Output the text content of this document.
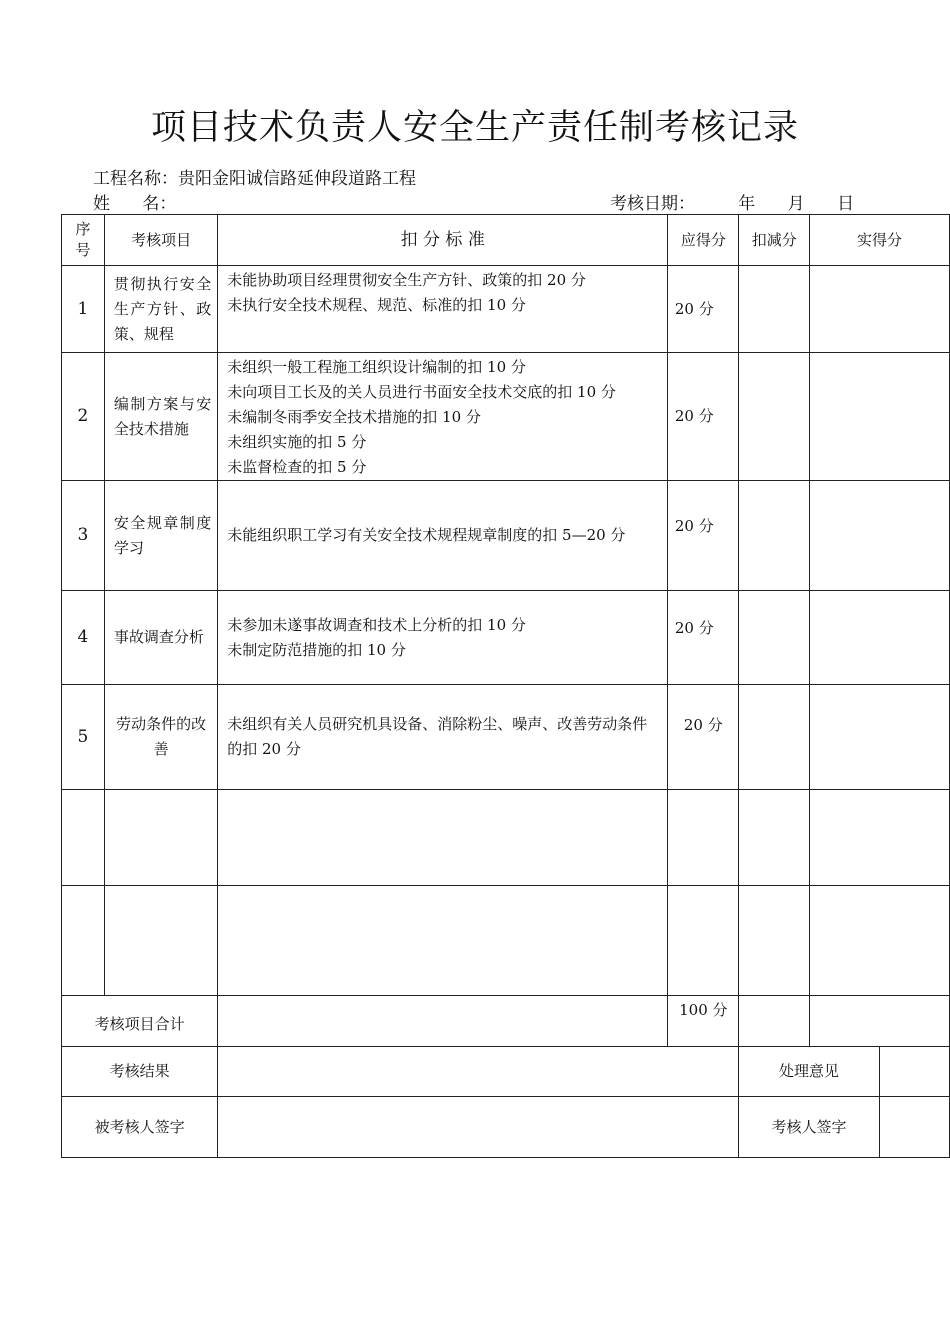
项目技术负责人安全生产责任制考核记录
工程名称：贵阳金阳诚信路延伸段道路工程
姓      名：	考核日期：        年      月      日
序号	考核项目	扣 分 标 准	应得分	扣减分	实得分	
1	贯彻执行安全生产方针、政策、规程	未能协助项目经理贯彻安全生产方针、政策的扣 20 分
未执行安全技术规程、规范、标准的扣 10 分	20 分			
2	编制方案与安全技术措施	未组织一般工程施工组织设计编制的扣 10 分
未向项目工长及的关人员进行书面安全技术交底的扣 10 分
未编制冬雨季安全技术措施的扣 10 分
未组织实施的扣 5 分
未监督检查的扣 5 分	20 分			
3	安全规章制度学习	未能组织职工学习有关安全技术规程规章制度的扣 5—20 分	20 分			
4	事故调查分析	未参加未遂事故调查和技术上分析的扣 10 分
未制定防范措施的扣 10 分	20 分			
5	劳动条件的改善	未组织有关人员研究机具设备、消除粉尘、噪声、改善劳动条件的扣 20 分	20 分			

考核项目合计			100 分			
考核结果				处理意见		
被考核人签字				考核人签字		
